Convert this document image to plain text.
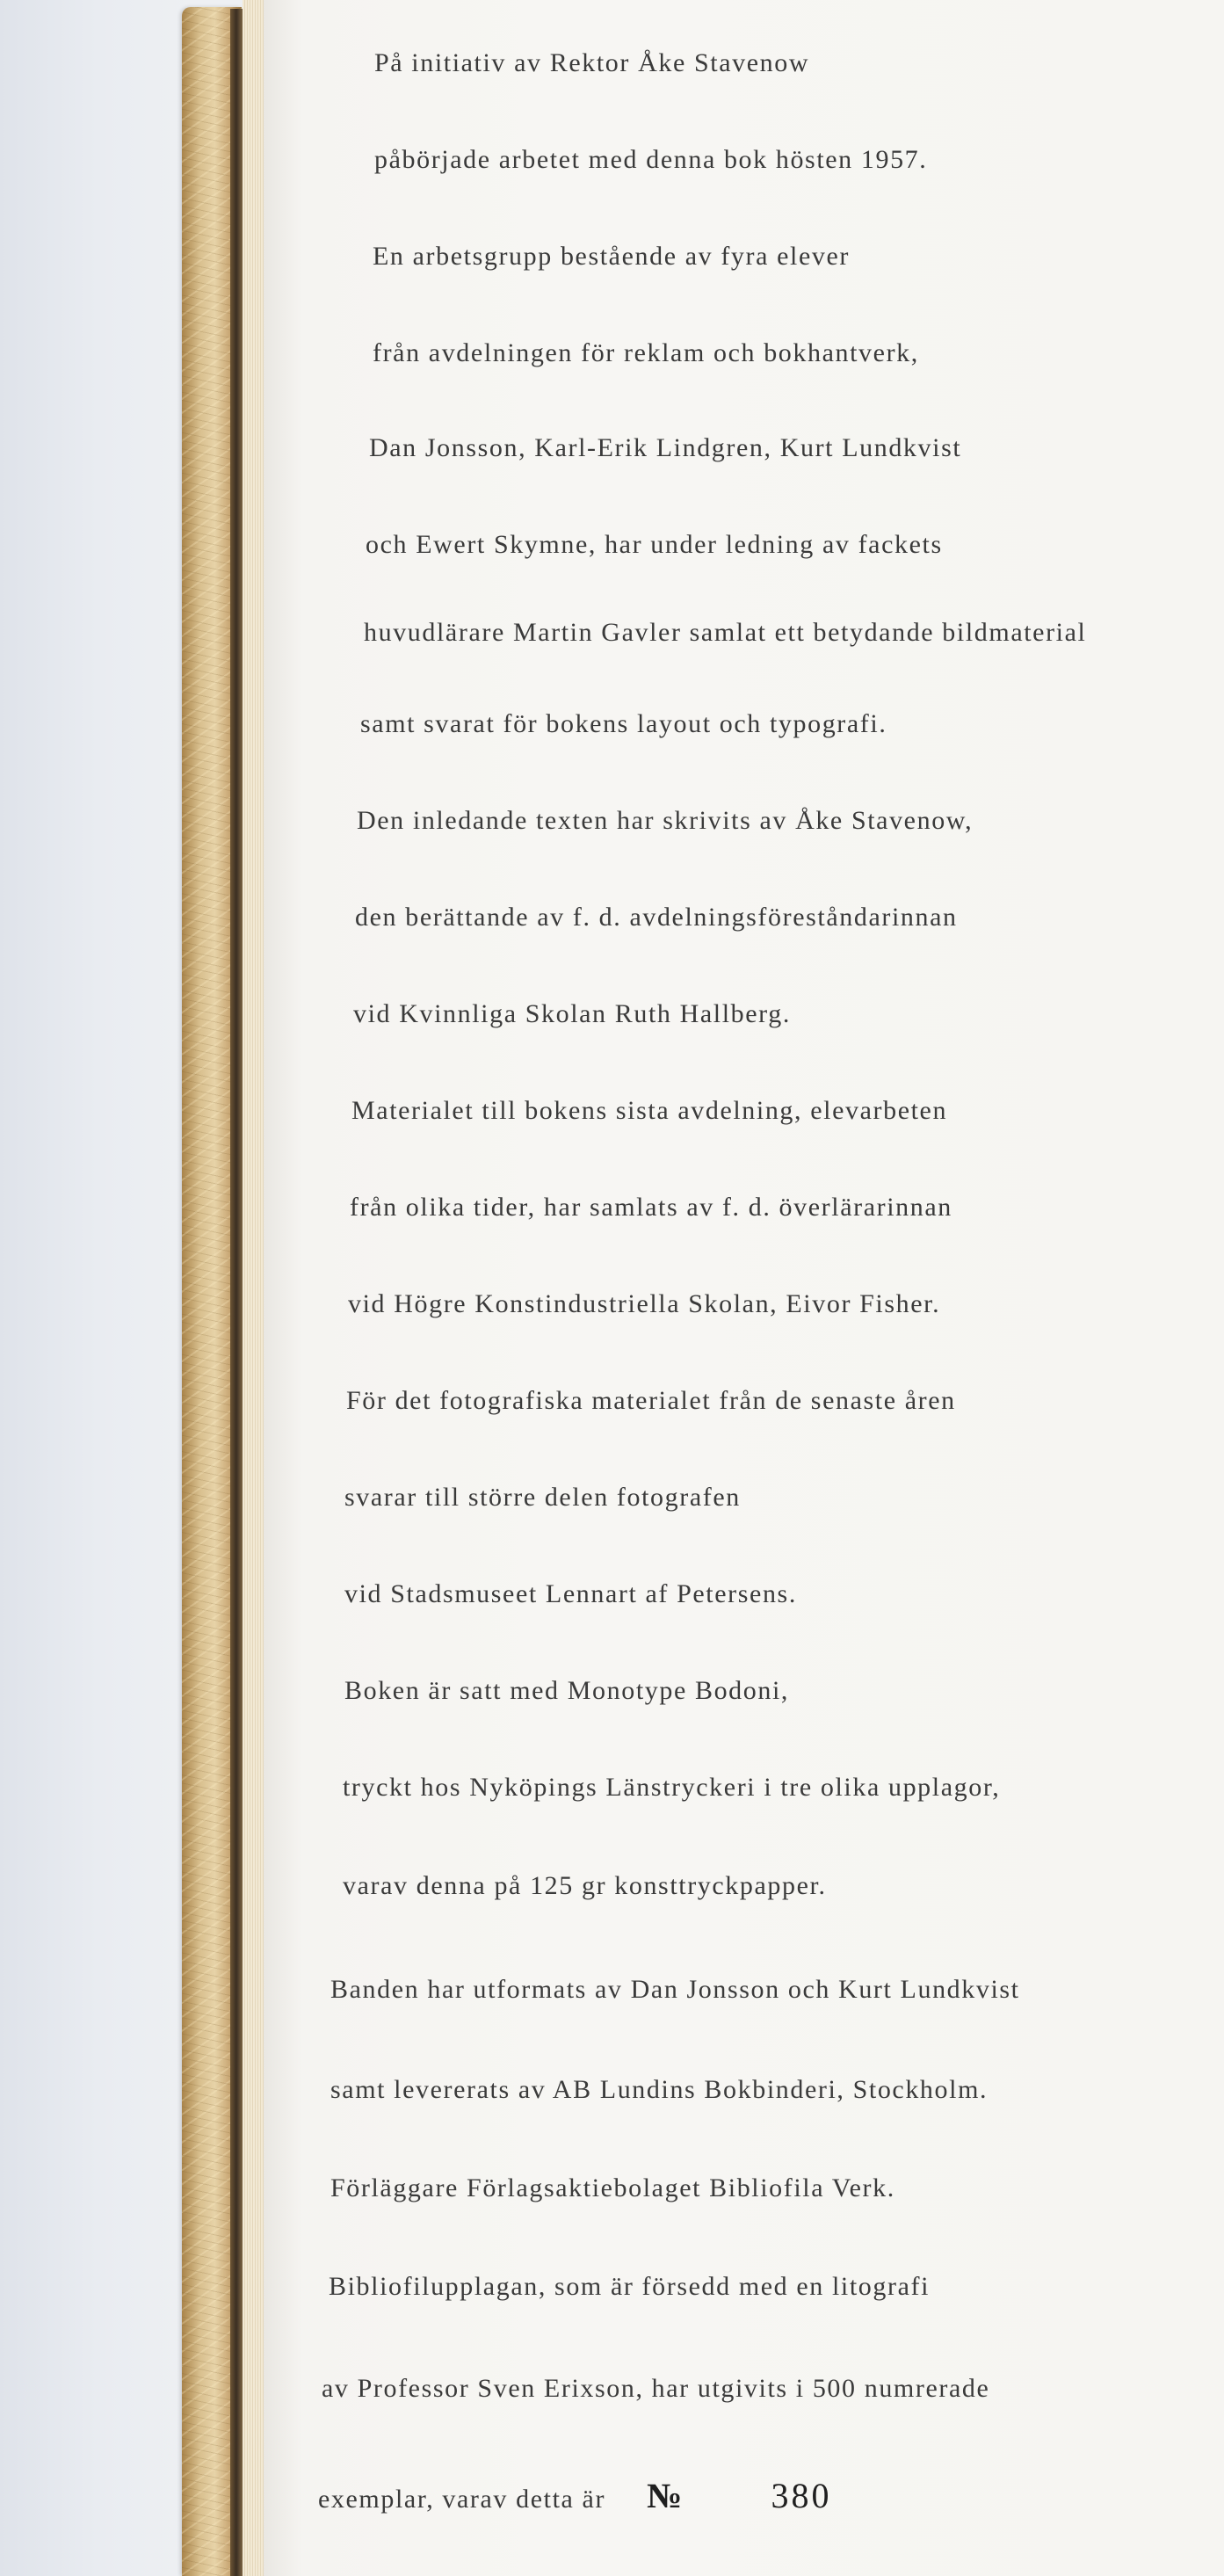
På initiativ av Rektor Åke Stavenow
påbörjade arbetet med denna bok hösten 1957.
En arbetsgrupp bestående av fyra elever
från avdelningen för reklam och bokhantverk,
Dan Jonsson, Karl-Erik Lindgren, Kurt Lundkvist
och Ewert Skymne, har under ledning av fackets
huvudlärare Martin Gavler samlat ett betydande bildmaterial
samt svarat för bokens layout och typografi.
Den inledande texten har skrivits av Åke Stavenow,
den berättande av f. d. avdelningsföreståndarinnan
vid Kvinnliga Skolan Ruth Hallberg.
Materialet till bokens sista avdelning, elevarbeten
från olika tider, har samlats av f. d. överlärarinnan
vid Högre Konstindustriella Skolan, Eivor Fisher.
För det fotografiska materialet från de senaste åren
svarar till större delen fotografen
vid Stadsmuseet Lennart af Petersens.
Boken är satt med Monotype Bodoni,
tryckt hos Nyköpings Länstryckeri i tre olika upplagor,
varav denna på 125 gr konsttryckpapper.
Banden har utformats av Dan Jonsson och Kurt Lundkvist
samt levererats av AB Lundins Bokbinderi, Stockholm.
Förläggare Förlagsaktiebolaget Bibliofila Verk.
Bibliofilupplagan, som är försedd med en litografi
av Professor Sven Erixson, har utgivits i 500 numrerade
exemplar, varav detta är №	380
